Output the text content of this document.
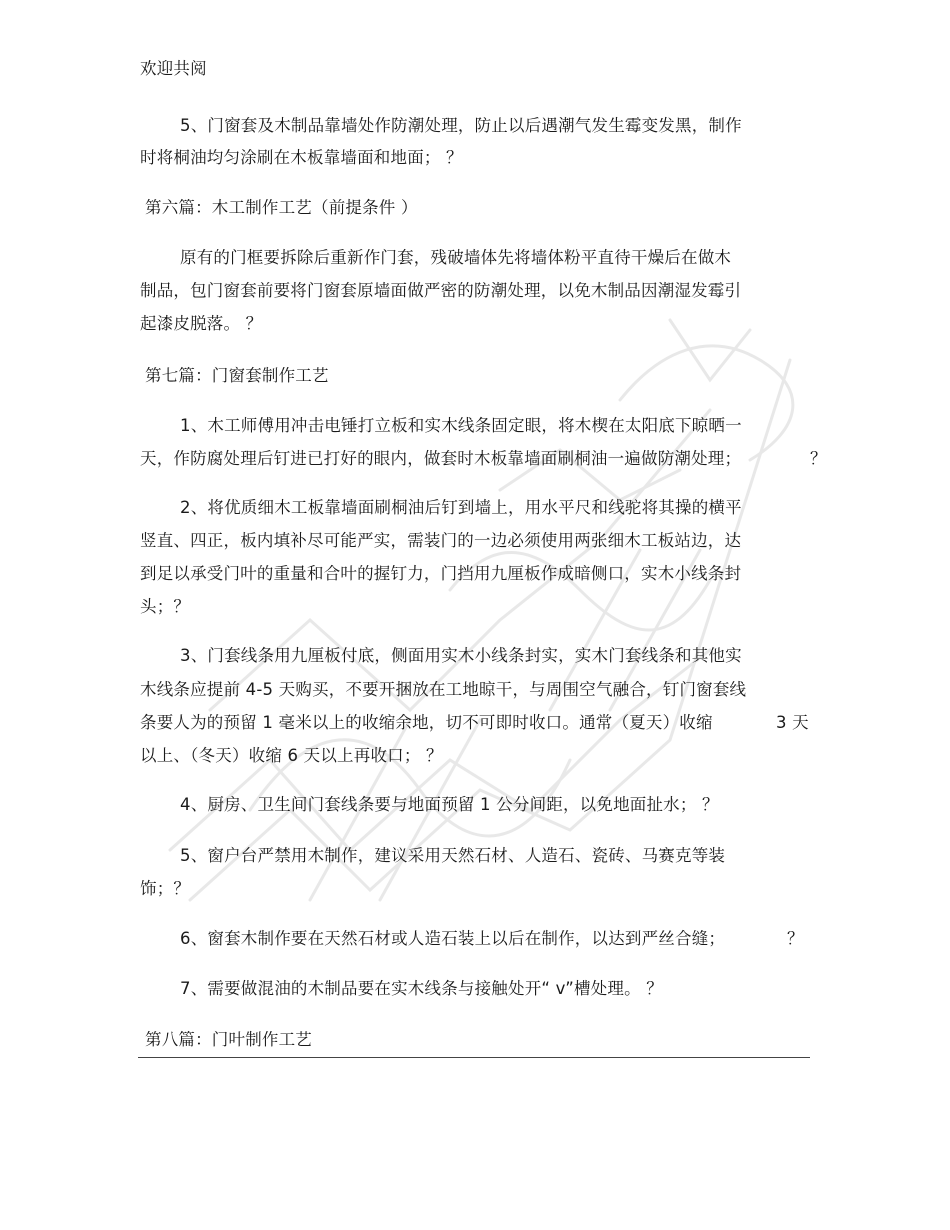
欢迎共阅
5、门窗套及木制品靠墙处作防潮处理，防止以后遇潮气发生霉变发黑，制作
时将桐油均匀涂刷在木板靠墙面和地面； ？
第六篇：木工制作工艺（前提条件 ）
原有的门框要拆除后重新作门套，残破墙体先将墙体粉平直待干燥后在做木
制品，包门窗套前要将门窗套原墙面做严密的防潮处理，以免木制品因潮湿发霉引
起漆皮脱落。 ？
第七篇：门窗套制作工艺
1、木工师傅用冲击电锤打立板和实木线条固定眼，将木楔在太阳底下晾晒一
天，作防腐处理后钉进已打好的眼内，做套时木板靠墙面刷桐油一遍做防潮处理；	？
2、将优质细木工板靠墙面刷桐油后钉到墙上，用水平尺和线驼将其操的横平
竖直、四正，板内填补尽可能严实，需装门的一边必须使用两张细木工板站边，达
到足以承受门叶的重量和合叶的握钉力，门挡用九厘板作成暗侧口，实木小线条封
头；？
3、门套线条用九厘板付底，侧面用实木小线条封实，实木门套线条和其他实
木线条应提前 4-5 天购买，不要开捆放在工地晾干，与周围空气融合，钉门窗套线
条要人为的预留 1 毫米以上的收缩余地，切不可即时收口。通常（夏天）收缩	3 天
以上、（冬天）收缩 6 天以上再收口； ？
4、厨房、卫生间门套线条要与地面预留 1 公分间距，以免地面扯水； ？
5、窗户台严禁用木制作，建议采用天然石材、人造石、瓷砖、马赛克等装
饰；？
6、窗套木制作要在天然石材或人造石装上以后在制作，以达到严丝合缝；	？
7、需要做混油的木制品要在实木线条与接触处开“ v”槽处理。 ？
第八篇：门叶制作工艺
